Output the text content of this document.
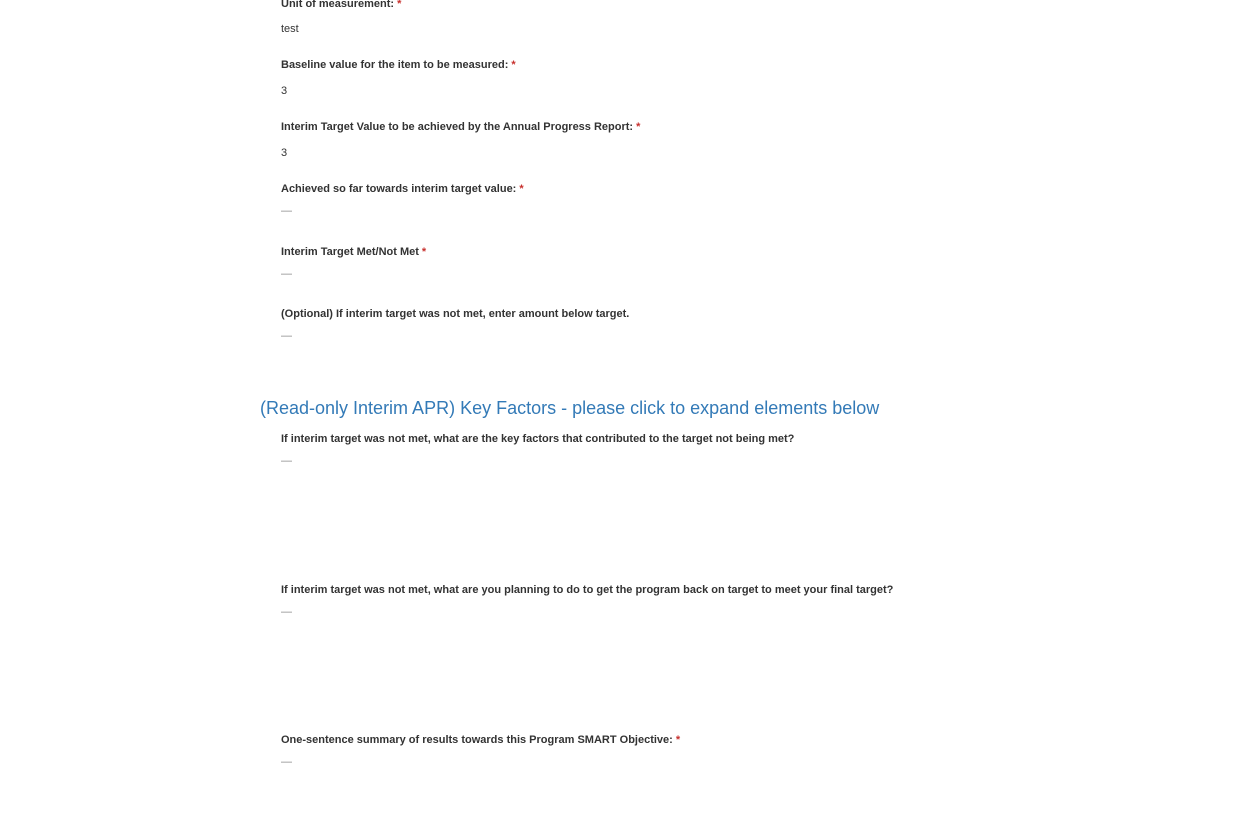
Unit of measurement: *
test
Baseline value for the item to be measured: *
3
Interim Target Value to be achieved by the Annual Progress Report: *
3
Achieved so far towards interim target value: *
—
Interim Target Met/Not Met *
—
(Optional) If interim target was not met, enter amount below target.
—
(Read-only Interim APR) Key Factors - please click to expand elements below
If interim target was not met, what are the key factors that contributed to the target not being met?
—
If interim target was not met, what are you planning to do to get the program back on target to meet your final target?
—
One-sentence summary of results towards this Program SMART Objective: *
—
